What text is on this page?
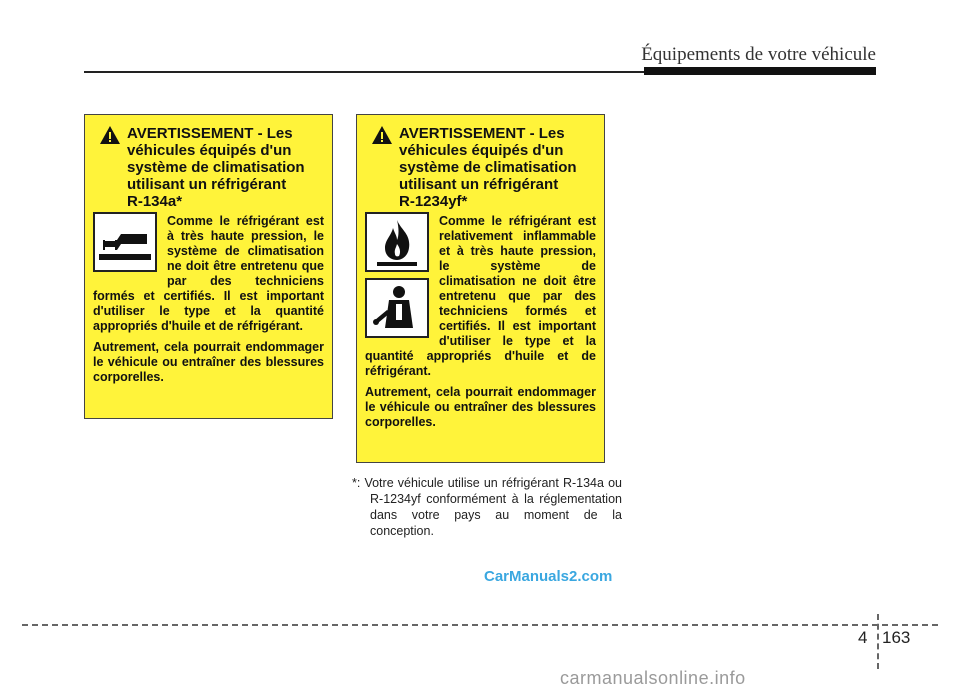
Équipements de votre véhicule
AVERTISSEMENT - Les
véhicules équipés d'un
système de climatisation
utilisant un réfrigérant
R-134a*
Comme le réfrigérant est à très haute pression, le système de climatisation ne doit être entretenu que par des techniciens formés et certifiés. Il est important d'utiliser le type et la quantité appropriés d'huile et de réfrigérant.
Autrement, cela pourrait endommager le véhicule ou entraîner des blessures corporelles.
AVERTISSEMENT - Les
véhicules équipés d'un
système de climatisation
utilisant un réfrigérant
R-1234yf*
Comme le réfrigérant est relativement inflammable et à très haute pression, le système de climatisation ne doit être entretenu que par des techniciens formés et certifiés. Il est important d'utiliser le type et la quantité appropriés d'huile et de réfrigérant.
Autrement, cela pourrait endommager le véhicule ou entraîner des blessures corporelles.
*: Votre véhicule utilise un réfrigérant R-134a ou R-1234yf conformément à la réglementation dans votre pays au moment de la conception.
CarManuals2.com
4 163
carmanualsonline.info
